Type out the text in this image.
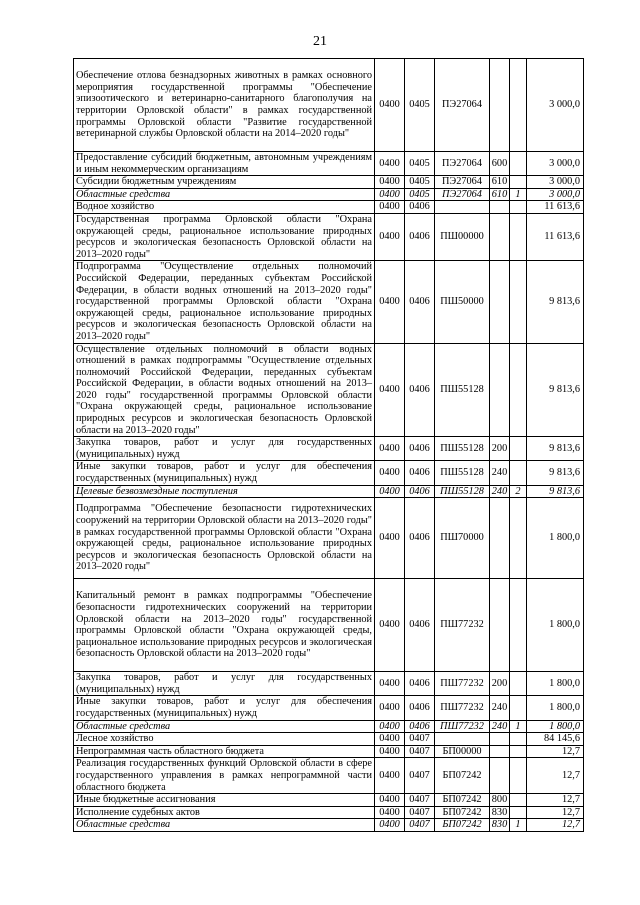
21
Обеспечение отлова безнадзорных животных в рамках основного мероприятия государственной программы "Обеспечение эпизоотического и ветеринарно-санитарного благополучия на территории Орловской области" в рамках государственной программы Орловской области "Развитие государственной ветеринарной службы Орловской области на 2014–2020 годы"	0400	0405	ПЭ27064			3 000,0
Предоставление субсидий бюджетным, автономным учреждениям и иным некоммерческим организациям	0400	0405	ПЭ27064	600		3 000,0
Субсидии бюджетным учреждениям	0400	0405	ПЭ27064	610		3 000,0
Областные средства	0400	0405	ПЭ27064	610	1	3 000,0
Водное хозяйство	0400	0406				11 613,6
Государственная программа Орловской области "Охрана окружающей среды, рациональное использование природных ресурсов и экологическая безопасность Орловской области на 2013–2020 годы"	0400	0406	ПШ00000			11 613,6
Подпрограмма "Осуществление отдельных полномочий Российской Федерации, переданных субъектам Российской Федерации, в области водных отношений на 2013–2020 годы" государственной программы Орловской области "Охрана окружающей среды, рациональное использование природных ресурсов и экологическая безопасность Орловской области на 2013–2020 годы"	0400	0406	ПШ50000			9 813,6
Осуществление отдельных полномочий в области водных отношений в рамках подпрограммы "Осуществление отдельных полномочий Российской Федерации, переданных субъектам Российской Федерации, в области водных отношений на 2013–2020 годы" государственной программы Орловской области "Охрана окружающей среды, рациональное использование природных ресурсов и экологическая безопасность Орловской области на 2013–2020 годы"	0400	0406	ПШ55128			9 813,6
Закупка товаров, работ и услуг для государственных (муниципальных) нужд	0400	0406	ПШ55128	200		9 813,6
Иные закупки товаров, работ и услуг для обеспечения государственных (муниципальных) нужд	0400	0406	ПШ55128	240		9 813,6
Целевые безвозмездные поступления	0400	0406	ПШ55128	240	2	9 813,6
Подпрограмма "Обеспечение безопасности гидротехнических сооружений на территории Орловской области на 2013–2020 годы" в рамках государственной программы Орловской области "Охрана окружающей среды, рациональное использование природных ресурсов и экологическая безопасность Орловской области на 2013–2020 годы"	0400	0406	ПШ70000			1 800,0
Капитальный ремонт в рамках подпрограммы "Обеспечение безопасности гидротехнических сооружений на территории Орловской области на 2013–2020 годы" государственной программы Орловской области "Охрана окружающей среды, рациональное использование природных ресурсов и экологическая безопасность Орловской области на 2013–2020 годы"	0400	0406	ПШ77232			1 800,0
Закупка товаров, работ и услуг для государственных (муниципальных) нужд	0400	0406	ПШ77232	200		1 800,0
Иные закупки товаров, работ и услуг для обеспечения государственных (муниципальных) нужд	0400	0406	ПШ77232	240		1 800,0
Областные средства	0400	0406	ПШ77232	240	1	1 800,0
Лесное хозяйство	0400	0407				84 145,6
Непрограммная часть областного бюджета	0400	0407	БП00000			12,7
Реализация государственных функций Орловской области в сфере государственного управления в рамках непрограммной части областного бюджета	0400	0407	БП07242			12,7
Иные бюджетные ассигнования	0400	0407	БП07242	800		12,7
Исполнение судебных актов	0400	0407	БП07242	830		12,7
Областные средства	0400	0407	БП07242	830	1	12,7
